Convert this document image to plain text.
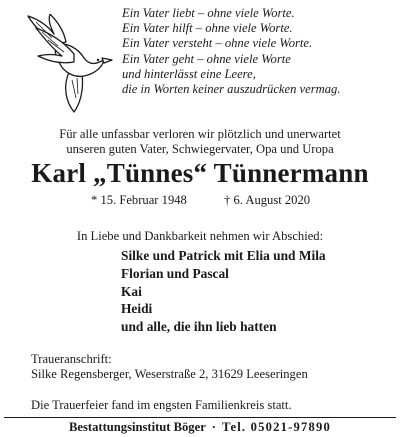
Ein Vater liebt – ohne viele Worte.
Ein Vater hilft – ohne viele Worte.
Ein Vater versteht – ohne viele Worte.
Ein Vater geht – ohne viele Worte
und hinterlässt eine Leere,
die in Worten keiner auszudrücken vermag.
Für alle unfassbar verloren wir plötzlich und unerwartet
unseren guten Vater, Schwiegervater, Opa und Uropa
Karl „Tünnes“ Tünnermann
* 15. Februar 1948	† 6. August 2020
In Liebe und Dankbarkeit nehmen wir Abschied:
Silke und Patrick mit Elia und Mila
Florian und Pascal
Kai
Heidi
und alle, die ihn lieb hatten
Traueranschrift:
Silke Regensberger, Weserstraße 2, 31629 Leeseringen
Die Trauerfeier fand im engsten Familienkreis statt.
Bestattungsinstitut Böger · Tel. 05021-97890
